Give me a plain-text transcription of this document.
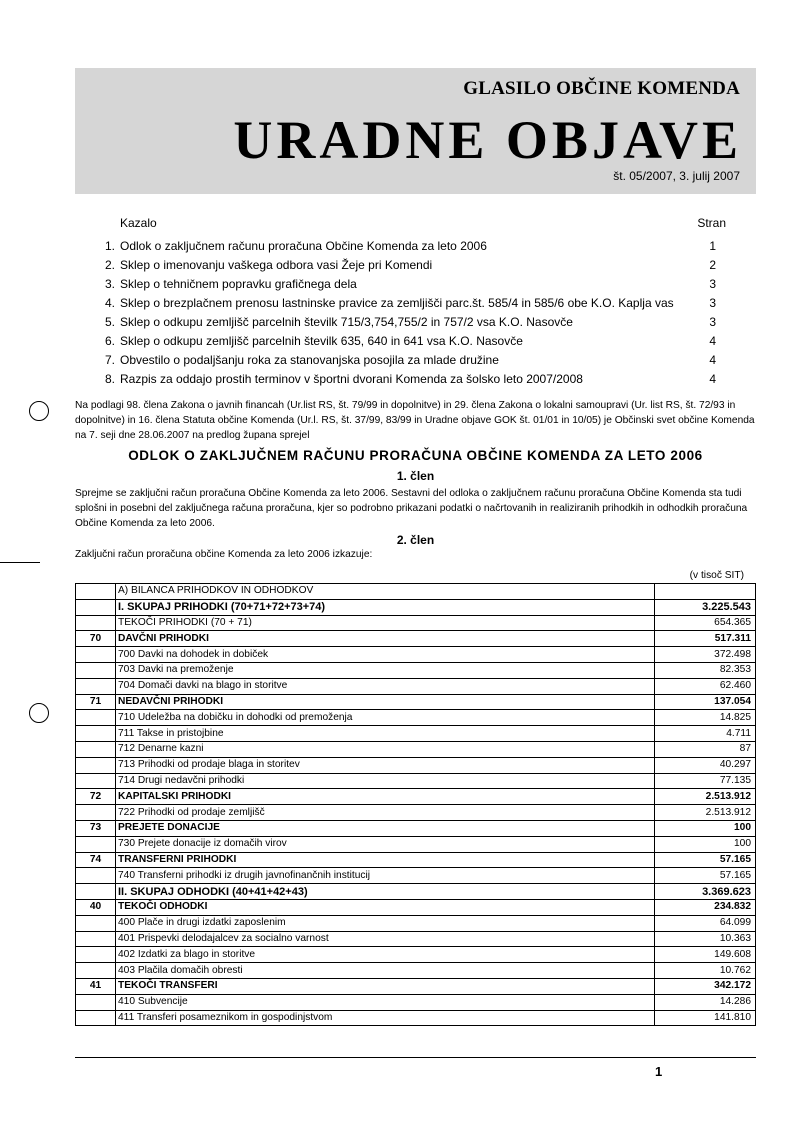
GLASILO OBČINE KOMENDA
URADNE OBJAVE
št. 05/2007, 3. julij 2007
Kazalo	Stran
1. Odlok o zaključnem računu proračuna Občine Komenda za leto 2006	1
2. Sklep o imenovanju vaškega odbora vasi Žeje pri Komendi	2
3. Sklep o tehničnem popravku grafičnega dela	3
4. Sklep o brezplačnem prenosu lastninske pravice za zemljišči parc.št. 585/4 in 585/6 obe K.O. Kaplja vas	3
5. Sklep o odkupu zemljišč parcelnih številk 715/3,754,755/2 in 757/2 vsa K.O. Nasovče	3
6. Sklep o odkupu zemljišč parcelnih številk 635, 640 in 641 vsa K.O. Nasovče	4
7. Obvestilo o podaljšanju roka za stanovanjska posojila za mlade družine	4
8. Razpis za oddajo prostih terminov v športni dvorani Komenda za šolsko leto 2007/2008	4
Na podlagi 98. člena Zakona o javnih financah (Ur.list RS, št. 79/99 in dopolnitve) in 29. člena Zakona o lokalni samoupravi (Ur. list RS, št. 72/93 in dopolnitve) in 16. člena Statuta občine Komenda (Ur.l. RS, št. 37/99, 83/99 in Uradne objave GOK št. 01/01 in 10/05) je Občinski svet občine Komenda na 7. seji dne 28.06.2007 na predlog župana sprejel
ODLOK O ZAKLJUČNEM RAČUNU PRORAČUNA OBČINE KOMENDA ZA LETO 2006
1. člen
Sprejme se zaključni račun proračuna Občine Komenda za leto 2006. Sestavni del odloka o zaključnem računu proračuna Občine Komenda sta tudi splošni in posebni del zaključnega računa proračuna, kjer so podrobno prikazani podatki o načrtovanih in realiziranih prihodkih in odhodkih proračuna Občine Komenda za leto 2006.
2. člen
Zaključni račun proračuna občine Komenda za leto 2006 izkazuje:
(v tisoč SIT)
	A) BILANCA PRIHODKOV IN ODHODKOV	
	I. SKUPAJ PRIHODKI (70+71+72+73+74)	3.225.543
	TEKOČI PRIHODKI (70 + 71)	654.365
70	DAVČNI PRIHODKI	517.311
	700 Davki na dohodek in dobiček	372.498
	703 Davki na premoženje	82.353
	704 Domači davki na blago in storitve	62.460
71	NEDAVČNI PRIHODKI	137.054
	710 Udeležba na dobičku in dohodki od premoženja	14.825
	711 Takse in pristojbine	4.711
	712 Denarne kazni	87
	713 Prihodki od prodaje blaga in storitev	40.297
	714 Drugi nedavčni prihodki	77.135
72	KAPITALSKI PRIHODKI	2.513.912
	722 Prihodki od prodaje zemljišč	2.513.912
73	PREJETE DONACIJE	100
	730 Prejete donacije iz domačih virov	100
74	TRANSFERNI PRIHODKI	57.165
	740 Transferni prihodki iz drugih javnofinančnih institucij	57.165
	II. SKUPAJ ODHODKI (40+41+42+43)	3.369.623
40	TEKOČI ODHODKI	234.832
	400 Plače in drugi izdatki zaposlenim	64.099
	401 Prispevki delodajalcev za socialno varnost	10.363
	402 Izdatki za blago in storitve	149.608
	403 Plačila domačih obresti	10.762
41	TEKOČI TRANSFERI	342.172
	410 Subvencije	14.286
	411 Transferi posameznikom in gospodinjstvom	141.810
1
